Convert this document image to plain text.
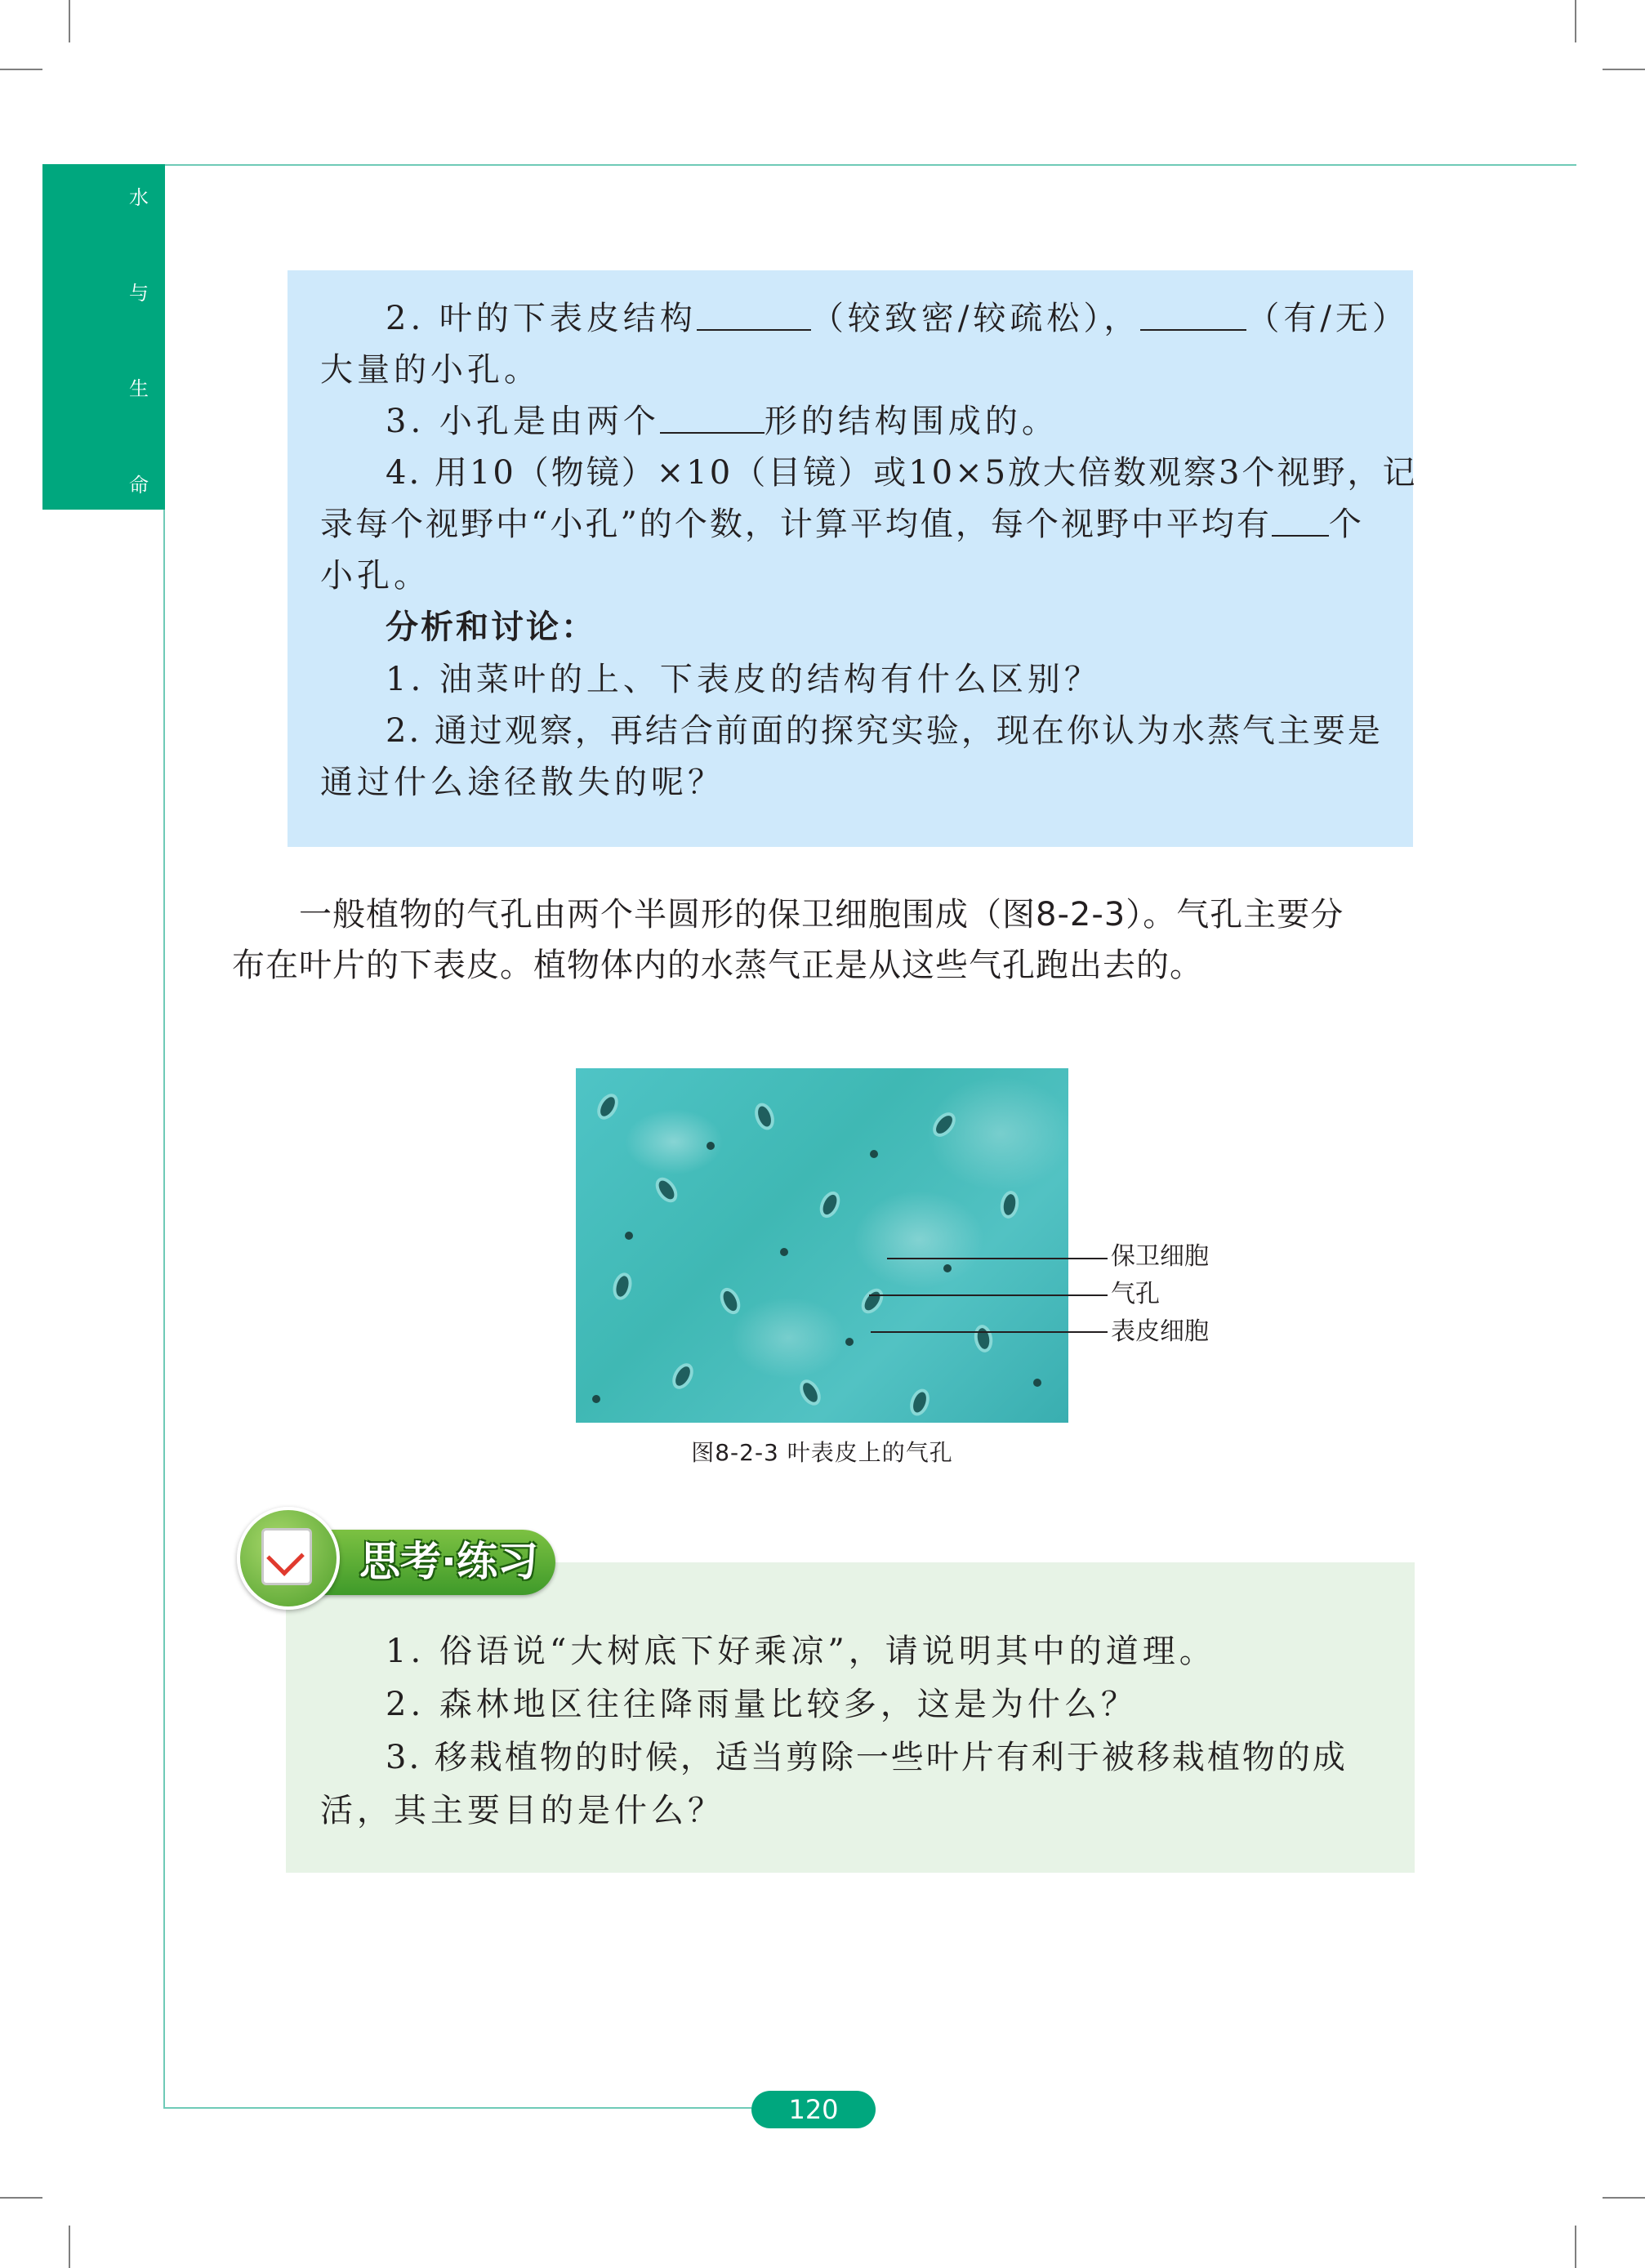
水
与
生
命
2. 叶的下表皮结构	（较致密/较疏松），	（有/无）
大量的小孔。
3. 小孔是由两个	形的结构围成的。
4. 用10（物镜）×10（目镜）或10×5放大倍数观察3个视野，记
录每个视野中“小孔”的个数，计算平均值，每个视野中平均有 个
小孔。
分析和讨论：
1. 油菜叶的上、下表皮的结构有什么区别？
2. 通过观察，再结合前面的探究实验，现在你认为水蒸气主要是
通过什么途径散失的呢？
一般植物的气孔由两个半圆形的保卫细胞围成（图8-2-3）。气孔主要分
布在叶片的下表皮。植物体内的水蒸气正是从这些气孔跑出去的。
保卫细胞
气孔
表皮细胞
图8-2-3 叶表皮上的气孔
思考·练习
1. 俗语说“大树底下好乘凉”，请说明其中的道理。
2. 森林地区往往降雨量比较多，这是为什么？
3. 移栽植物的时候，适当剪除一些叶片有利于被移栽植物的成
活，其主要目的是什么？
120
